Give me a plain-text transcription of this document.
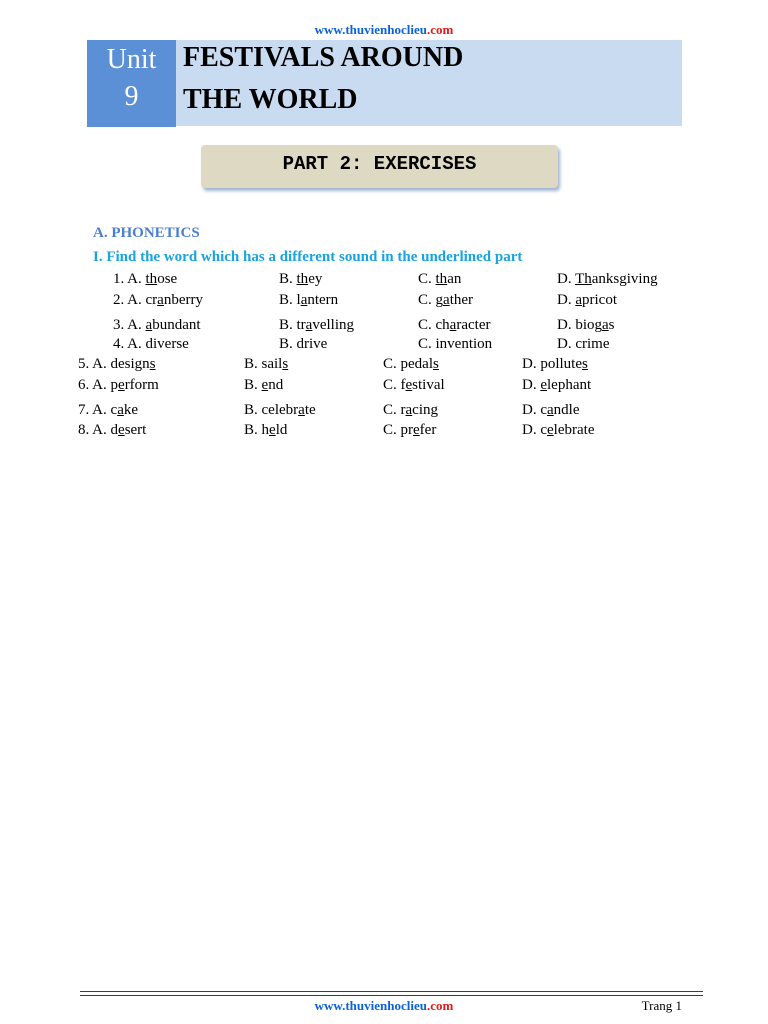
www.thuvienhoclieu.com
Unit
9
FESTIVALS AROUND
THE WORLD
PART 2: EXERCISES
A. PHONETICS
I. Find the word which has a different sound in the underlined part
1. A. those	B. they	C. than	D. Thanksgiving
2. A. cranberry	B. lantern	C. gather	D. apricot
3. A. abundant	B. travelling	C. character	D. biogas
4. A. diverse	B. drive	C. invention	D. crime
5. A. designs	B. sails	C. pedals	D. pollutes
6. A. perform	B. end	C. festival	D. elephant
7. A. cake	B. celebrate	C. racing	D. candle
8. A. desert	B. held	C. prefer	D. celebrate
www.thuvienhoclieu.com	Trang 1
